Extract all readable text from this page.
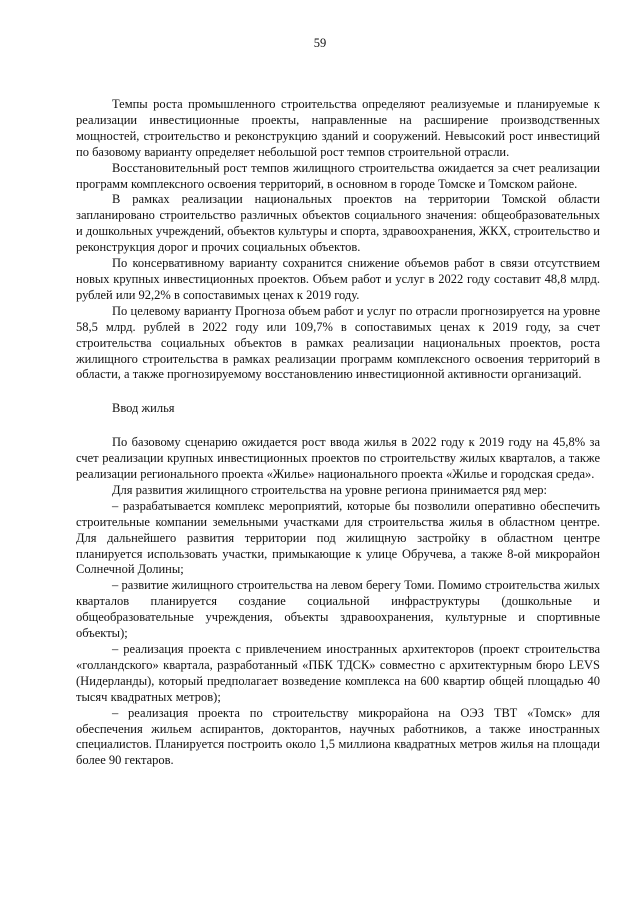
59

Темпы роста промышленного строительства определяют реализуемые и планируемые к реализации инвестиционные проекты, направленные на расширение производственных мощностей, строительство и реконструкцию зданий и сооружений. Невысокий рост инвестиций по базовому варианту определяет небольшой рост темпов строительной отрасли.

Восстановительный рост темпов жилищного строительства ожидается за счет реализации программ комплексного освоения территорий, в основном в городе Томске и Томском районе.

В рамках реализации национальных проектов на территории Томской области запланировано строительство различных объектов социального значения: общеобразовательных и дошкольных учреждений, объектов культуры и спорта, здравоохранения, ЖКХ, строительство и реконструкция дорог и прочих социальных объектов.

По консервативному варианту сохранится снижение объемов работ в связи отсутствием новых крупных инвестиционных проектов. Объем работ и услуг в 2022 году составит 48,8 млрд. рублей или 92,2% в сопоставимых ценах к 2019 году.

По целевому варианту Прогноза объем работ и услуг по отрасли прогнозируется на уровне 58,5 млрд. рублей в 2022 году или 109,7% в сопоставимых ценах к 2019 году, за счет строительства социальных объектов в рамках реализации национальных проектов, роста жилищного строительства в рамках реализации программ комплексного освоения территорий в области, а также прогнозируемому восстановлению инвестиционной активности организаций.

Ввод жилья

По базовому сценарию ожидается рост ввода жилья в 2022 году к 2019 году на 45,8% за счет реализации крупных инвестиционных проектов по строительству жилых кварталов, а также реализации регионального проекта «Жилье» национального проекта «Жилье и городская среда».

Для развития жилищного строительства на уровне региона принимается ряд мер:

– разрабатывается комплекс мероприятий, которые бы позволили оперативно обеспечить строительные компании земельными участками для строительства жилья в областном центре. Для дальнейшего развития территории под жилищную застройку в областном центре планируется использовать участки, примыкающие к улице Обручева, а также 8-ой микрорайон Солнечной Долины;

– развитие жилищного строительства на левом берегу Томи. Помимо строительства жилых кварталов планируется создание социальной инфраструктуры (дошкольные и общеобразовательные учреждения, объекты здравоохранения, культурные и спортивные объекты);

– реализация проекта с привлечением иностранных архитекторов (проект строительства «голландского» квартала, разработанный «ПБК ТДСК» совместно с архитектурным бюро LEVS (Нидерланды), который предполагает возведение комплекса на 600 квартир общей площадью 40 тысяч квадратных метров);

– реализация проекта по строительству микрорайона на ОЭЗ ТВТ «Томск» для обеспечения жильем аспирантов, докторантов, научных работников, а также иностранных специалистов. Планируется построить около 1,5 миллиона квадратных метров жилья на площади более 90 гектаров.
